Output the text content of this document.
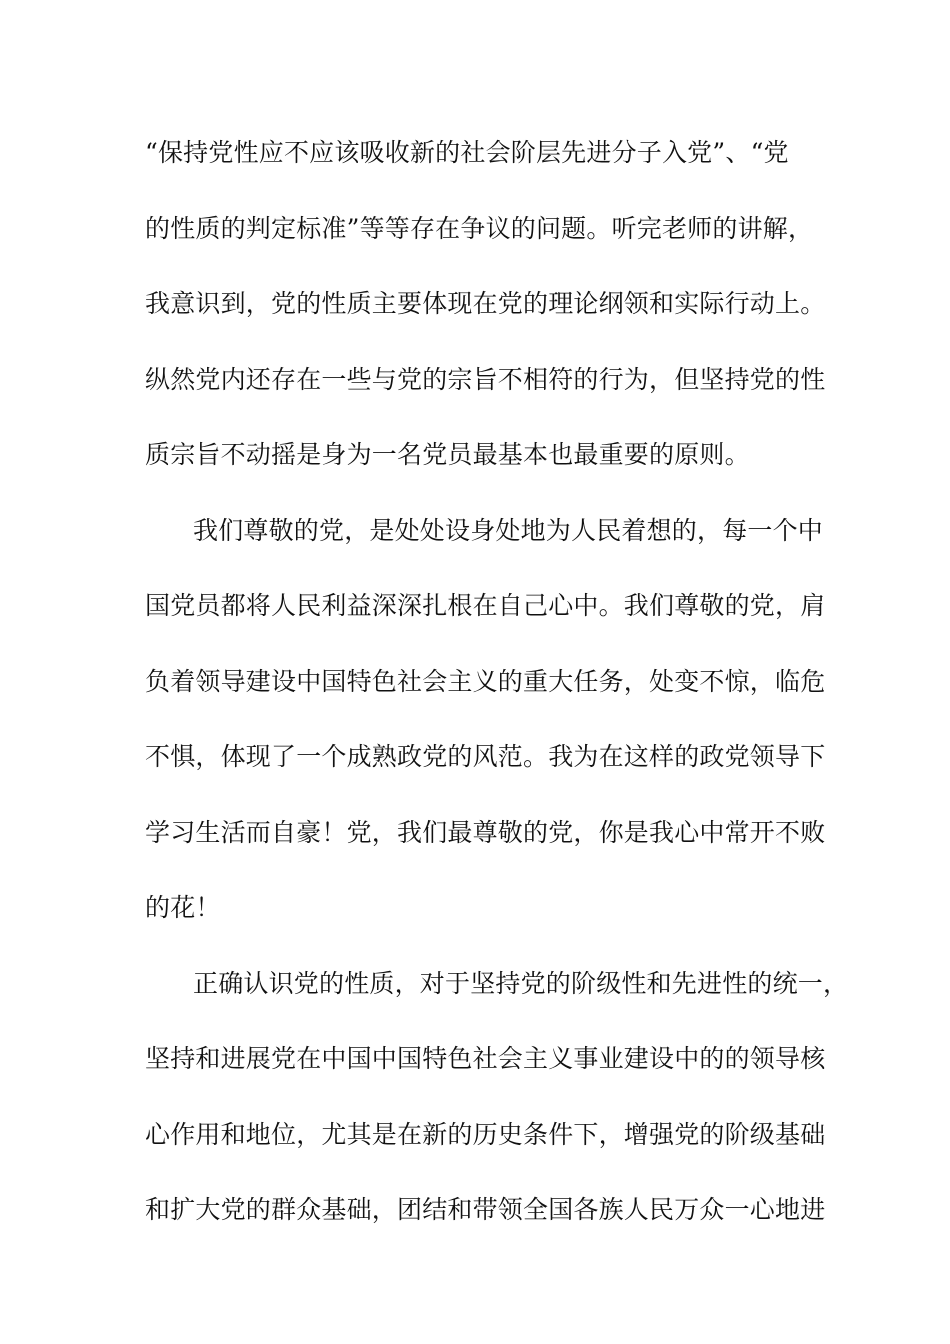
“保持党性应不应该吸收新的社会阶层先进分子入党”、“党
的性质的判定标准”等等存在争议的问题。听完老师的讲解，
我意识到，党的性质主要体现在党的理论纲领和实际行动上。
纵然党内还存在一些与党的宗旨不相符的行为，但坚持党的性
质宗旨不动摇是身为一名党员最基本也最重要的原则。
我们尊敬的党，是处处设身处地为人民着想的，每一个中
国党员都将人民利益深深扎根在自己心中。我们尊敬的党，肩
负着领导建设中国特色社会主义的重大任务，处变不惊，临危
不惧，体现了一个成熟政党的风范。我为在这样的政党领导下
学习生活而自豪！党，我们最尊敬的党，你是我心中常开不败
的花！
正确认识党的性质，对于坚持党的阶级性和先进性的统一，
坚持和进展党在中国中国特色社会主义事业建设中的的领导核
心作用和地位，尤其是在新的历史条件下，增强党的阶级基础
和扩大党的群众基础，团结和带领全国各族人民万众一心地进
